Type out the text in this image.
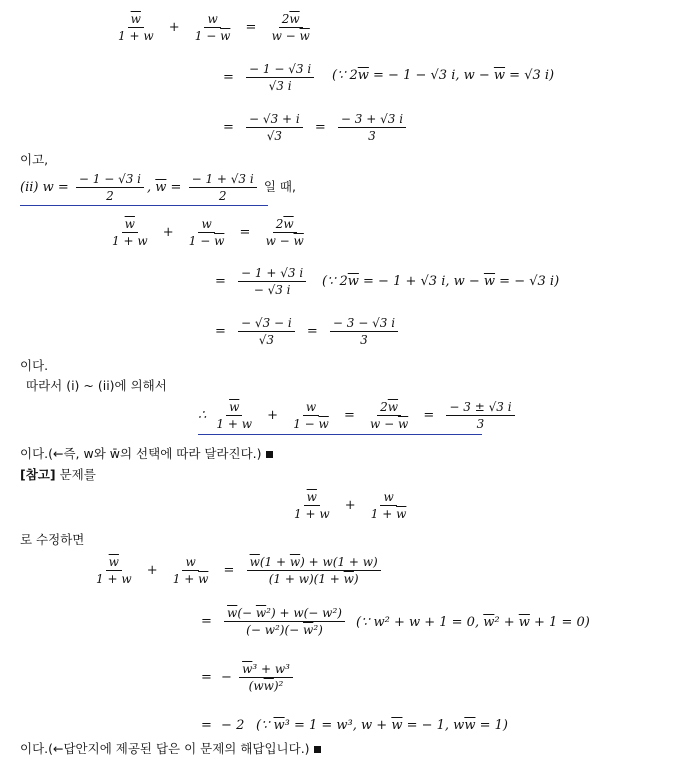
$\frac{\overline{w}}{1 + w} + \frac{w}{1 - \overline{w}} = \frac{2\overline{w}}{w - \overline{w}}$
= $\frac{- 1 - √3 i}{√3 i}$ (∵ $2\overline{w}$ = − 1 − √3 i, $w - \overline{w} = √3$ i)
= $\frac{- √3 + i}{√3} = \frac{- 3 + √3 i}{3}$
이고,
(ii) $w = \frac{- 1 - √3 i}{2}$ , $\overline{w} = \frac{- 1 + √3 i}{2}$ 일 때,
$\frac{\overline{w}}{1 + w} + \frac{w}{1 - \overline{w}} = \frac{2\overline{w}}{w - \overline{w}}$
= $\frac{- 1 + √3 i}{- √3 i}$ (∵ $2\overline{w}$ = − 1 + √3 i, $w - \overline{w}$ = − √3 i)
= $\frac{- √3 - i}{√3} = \frac{- 3 - √3 i}{3}$
이다.
따라서 (i) ~ (ii)에 의해서
∴ $\frac{\overline{w}}{1 + w} + \frac{w}{1 - \overline{w}} = \frac{2\overline{w}}{w - \overline{w}} = \frac{- 3 \pm √3 i}{3}$
이다.(←즉, w와 w̄의 선택에 따라 달라진다.)
[참고] 문제를
$\frac{\overline{w}}{1 + w} + \frac{w}{1 + \overline{w}}$
로 수정하면
$\frac{\overline{w}}{1 + w} + \frac{w}{1 + \overline{w}} = \frac{\overline{w}(1 + \overline{w}) + w(1 + w)}{(1 + w)(1 + \overline{w})}$
= $\frac{\overline{w}(- \overline{w}^2) + w(- w^2)}{(- w^2)(- \overline{w}^2)}$ (∵ w² + w + 1 = 0, $\overline{w}^2 + \overline{w} + 1 = 0$)
= − $\frac{\overline{w}^3 + w^3}{(w\overline{w})^2}$
= − 2 (∵ $\overline{w}^3 = 1 = w^3$, $w + \overline{w}$ = − 1, $w\overline{w} = 1$)
이다.(←답안지에 제공된 답은 이 문제의 해답입니다.)
